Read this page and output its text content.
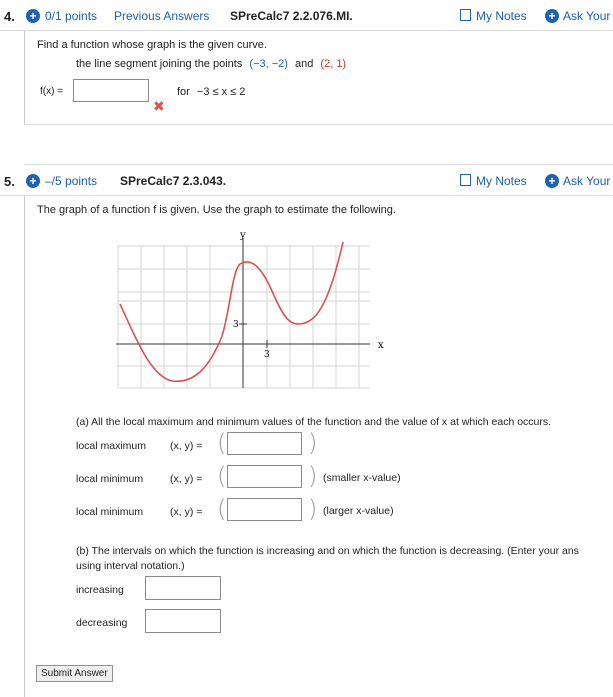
4. + 0/1 points Previous Answers SPreCalc7 2.2.076.MI.	My Notes + Ask Your
Find a function whose graph is the given curve.
the line segment joining the points (−3, −2) and (2, 1)
f(x) =
✖
for −3 ≤ x ≤ 2
5. + –/5 points SPreCalc7 2.3.043.	My Notes + Ask Your
The graph of a function f is given. Use the graph to estimate the following.
y
x
3
3
(a) All the local maximum and minimum values of the function and the value of x at which each occurs.
local maximum (x, y) = (	)
local minimum	(x, y) = (	) (smaller x-value)
local minimum	(x, y) = (	) (larger x-value)
(b) The intervals on which the function is increasing and on which the function is decreasing. (Enter your ans
using interval notation.)
increasing
decreasing
Submit Answer
